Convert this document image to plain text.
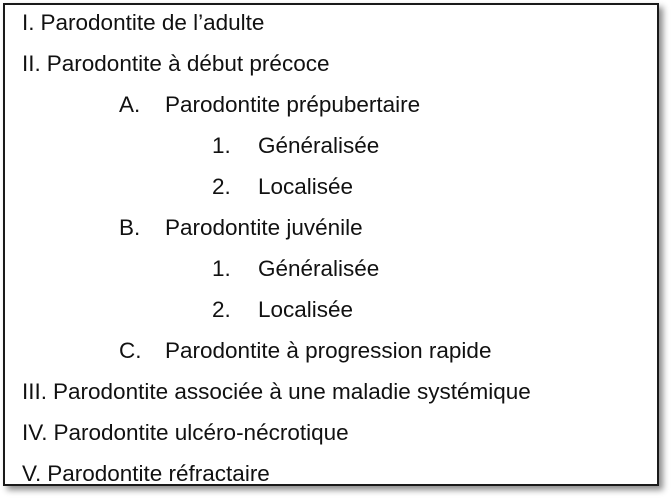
I. Parodontite de l’adulte
II. Parodontite à début précoce
A. Parodontite prépubertaire
1. Généralisée
2. Localisée
B. Parodontite juvénile
1. Généralisée
2. Localisée
C. Parodontite à progression rapide
III. Parodontite associée à une maladie systémique
IV. Parodontite ulcéro-nécrotique
V. Parodontite réfractaire
